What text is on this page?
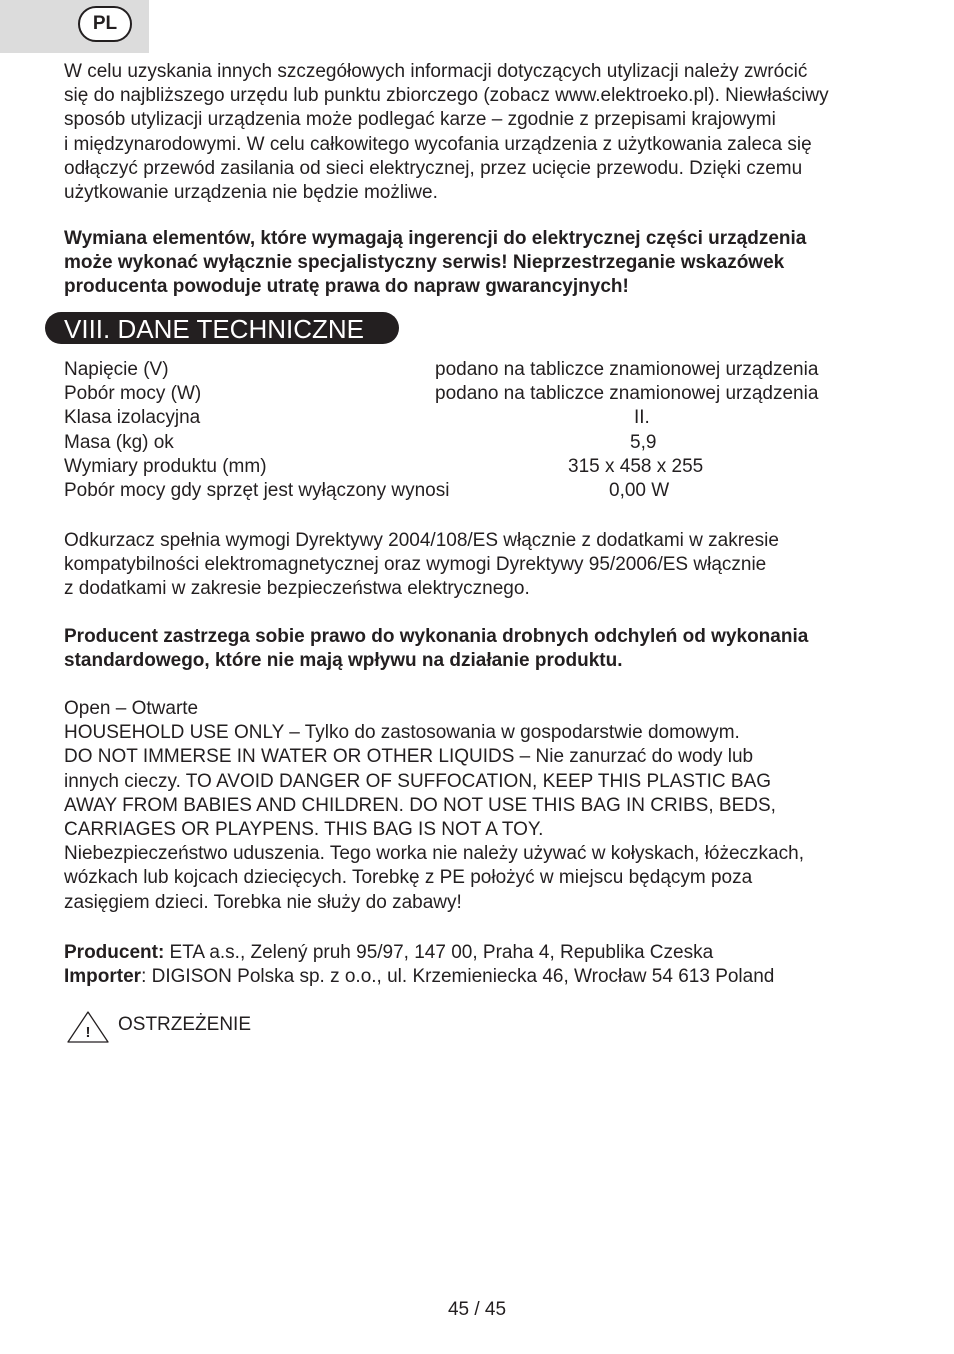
PL
W celu uzyskania innych szczegółowych informacji dotyczących utylizacji należy zwrócić
się do najbliższego urzędu lub punktu zbiorczego (zobacz www.elektroeko.pl). Niewłaściwy
sposób utylizacji urządzenia może podlegać karze – zgodnie z przepisami krajowymi
i międzynarodowymi. W celu całkowitego wycofania urządzenia z użytkowania zaleca się
odłączyć przewód zasilania od sieci elektrycznej, przez ucięcie przewodu. Dzięki czemu
użytkowanie urządzenia nie będzie możliwe.
Wymiana elementów, które wymagają ingerencji do elektrycznej części urządzenia
może wykonać wyłącznie specjalistyczny serwis! Nieprzestrzeganie wskazówek
producenta powoduje utratę prawa do napraw gwarancyjnych!
VIII. DANE TECHNICZNE
Napięcie (V)	podano na tabliczce znamionowej urządzenia
Pobór mocy (W)	podano na tabliczce znamionowej urządzenia
Klasa izolacyjna	II.
Masa (kg) ok	5,9
Wymiary produktu (mm)	315 x 458 x 255
Pobór mocy gdy sprzęt jest wyłączony wynosi	0,00 W
Odkurzacz spełnia wymogi Dyrektywy 2004/108/ES włącznie z dodatkami w zakresie
kompatybilności elektromagnetycznej oraz wymogi Dyrektywy 95/2006/ES włącznie
z dodatkami w zakresie bezpieczeństwa elektrycznego.
Producent zastrzega sobie prawo do wykonania drobnych odchyleń od wykonania
standardowego, które nie mają wpływu na działanie produktu.
Open – Otwarte
HOUSEHOLD USE ONLY – Tylko do zastosowania w gospodarstwie domowym.
DO NOT IMMERSE IN WATER OR OTHER LIQUIDS – Nie zanurzać do wody lub
innych cieczy. TO AVOID DANGER OF SUFFOCATION, KEEP THIS PLASTIC BAG
AWAY FROM BABIES AND CHILDREN. DO NOT USE THIS BAG IN CRIBS, BEDS,
CARRIAGES OR PLAYPENS. THIS BAG IS NOT A TOY.
Niebezpieczeństwo uduszenia. Tego worka nie należy używać w kołyskach, łóżeczkach,
wózkach lub kojcach dziecięcych. Torebkę z PE położyć w miejscu będącym poza
zasięgiem dzieci. Torebka nie służy do zabawy!
Producent: ETA a.s., Zelený pruh 95/97, 147 00, Praha 4, Republika Czeska
Importer: DIGISON Polska sp. z o.o., ul. Krzemieniecka 46, Wrocław 54 613 Poland
! OSTRZEŻENIE
45 / 45
